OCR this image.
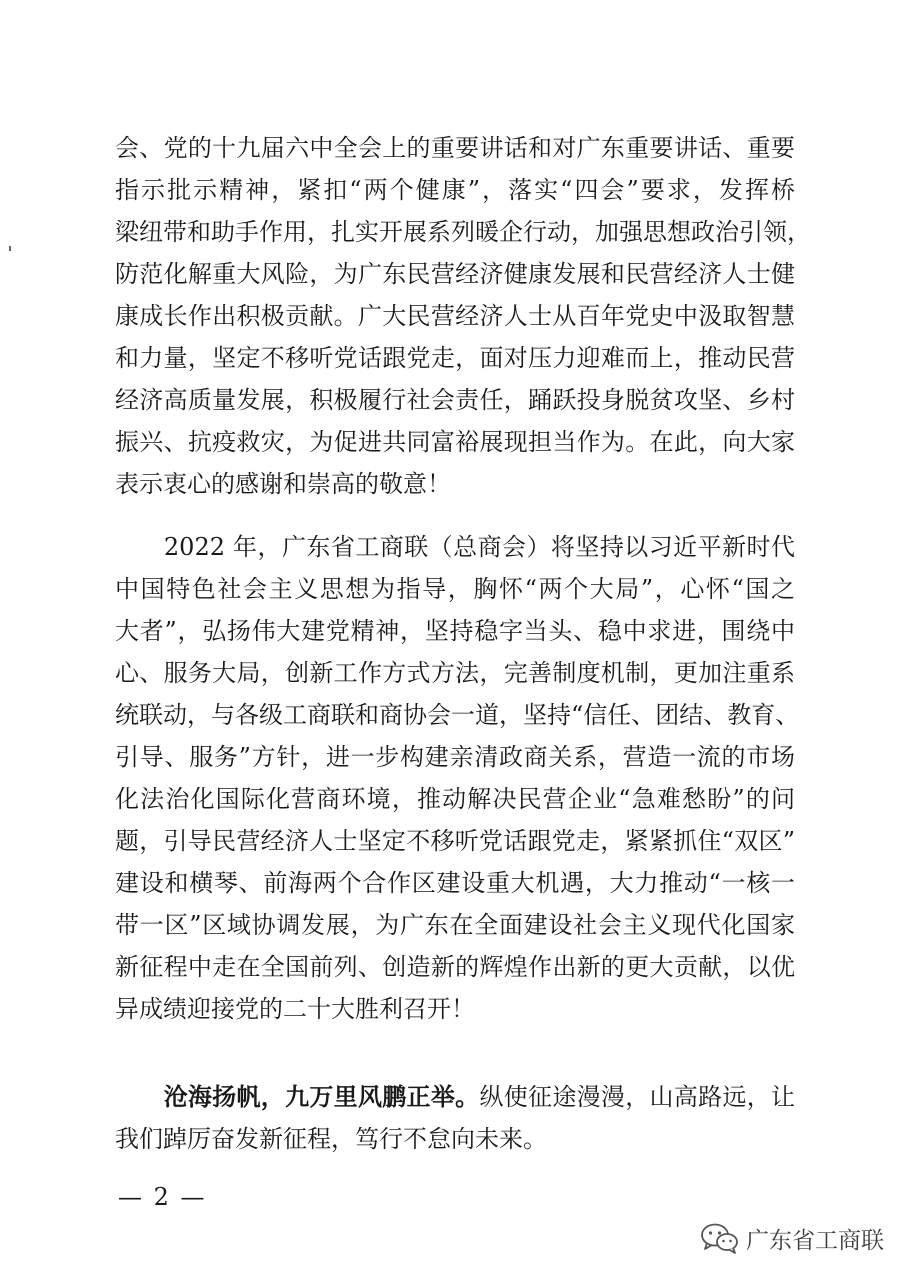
会、党的十九届六中全会上的重要讲话和对广东重要讲话、重要
指示批示精神，紧扣“两个健康”，落实“四会”要求，发挥桥
梁纽带和助手作用，扎实开展系列暖企行动，加强思想政治引领，
防范化解重大风险，为广东民营经济健康发展和民营经济人士健
康成长作出积极贡献。广大民营经济人士从百年党史中汲取智慧
和力量，坚定不移听党话跟党走，面对压力迎难而上，推动民营
经济高质量发展，积极履行社会责任，踊跃投身脱贫攻坚、乡村
振兴、抗疫救灾，为促进共同富裕展现担当作为。在此，向大家
表示衷心的感谢和崇高的敬意！
　　2022 年，广东省工商联（总商会）将坚持以习近平新时代
中国特色社会主义思想为指导，胸怀“两个大局”，心怀“国之
大者”，弘扬伟大建党精神，坚持稳字当头、稳中求进，围绕中
心、服务大局，创新工作方式方法，完善制度机制，更加注重系
统联动，与各级工商联和商协会一道，坚持“信任、团结、教育、
引导、服务”方针，进一步构建亲清政商关系，营造一流的市场
化法治化国际化营商环境，推动解决民营企业“急难愁盼”的问
题，引导民营经济人士坚定不移听党话跟党走，紧紧抓住“双区”
建设和横琴、前海两个合作区建设重大机遇，大力推动“一核一
带一区”区域协调发展，为广东在全面建设社会主义现代化国家
新征程中走在全国前列、创造新的辉煌作出新的更大贡献，以优
异成绩迎接党的二十大胜利召开！
　　沧海扬帆，九万里风鹏正举。纵使征途漫漫，山高路远，让
我们踔厉奋发新征程，笃行不怠向未来。
— 2 —
广东省工商联
